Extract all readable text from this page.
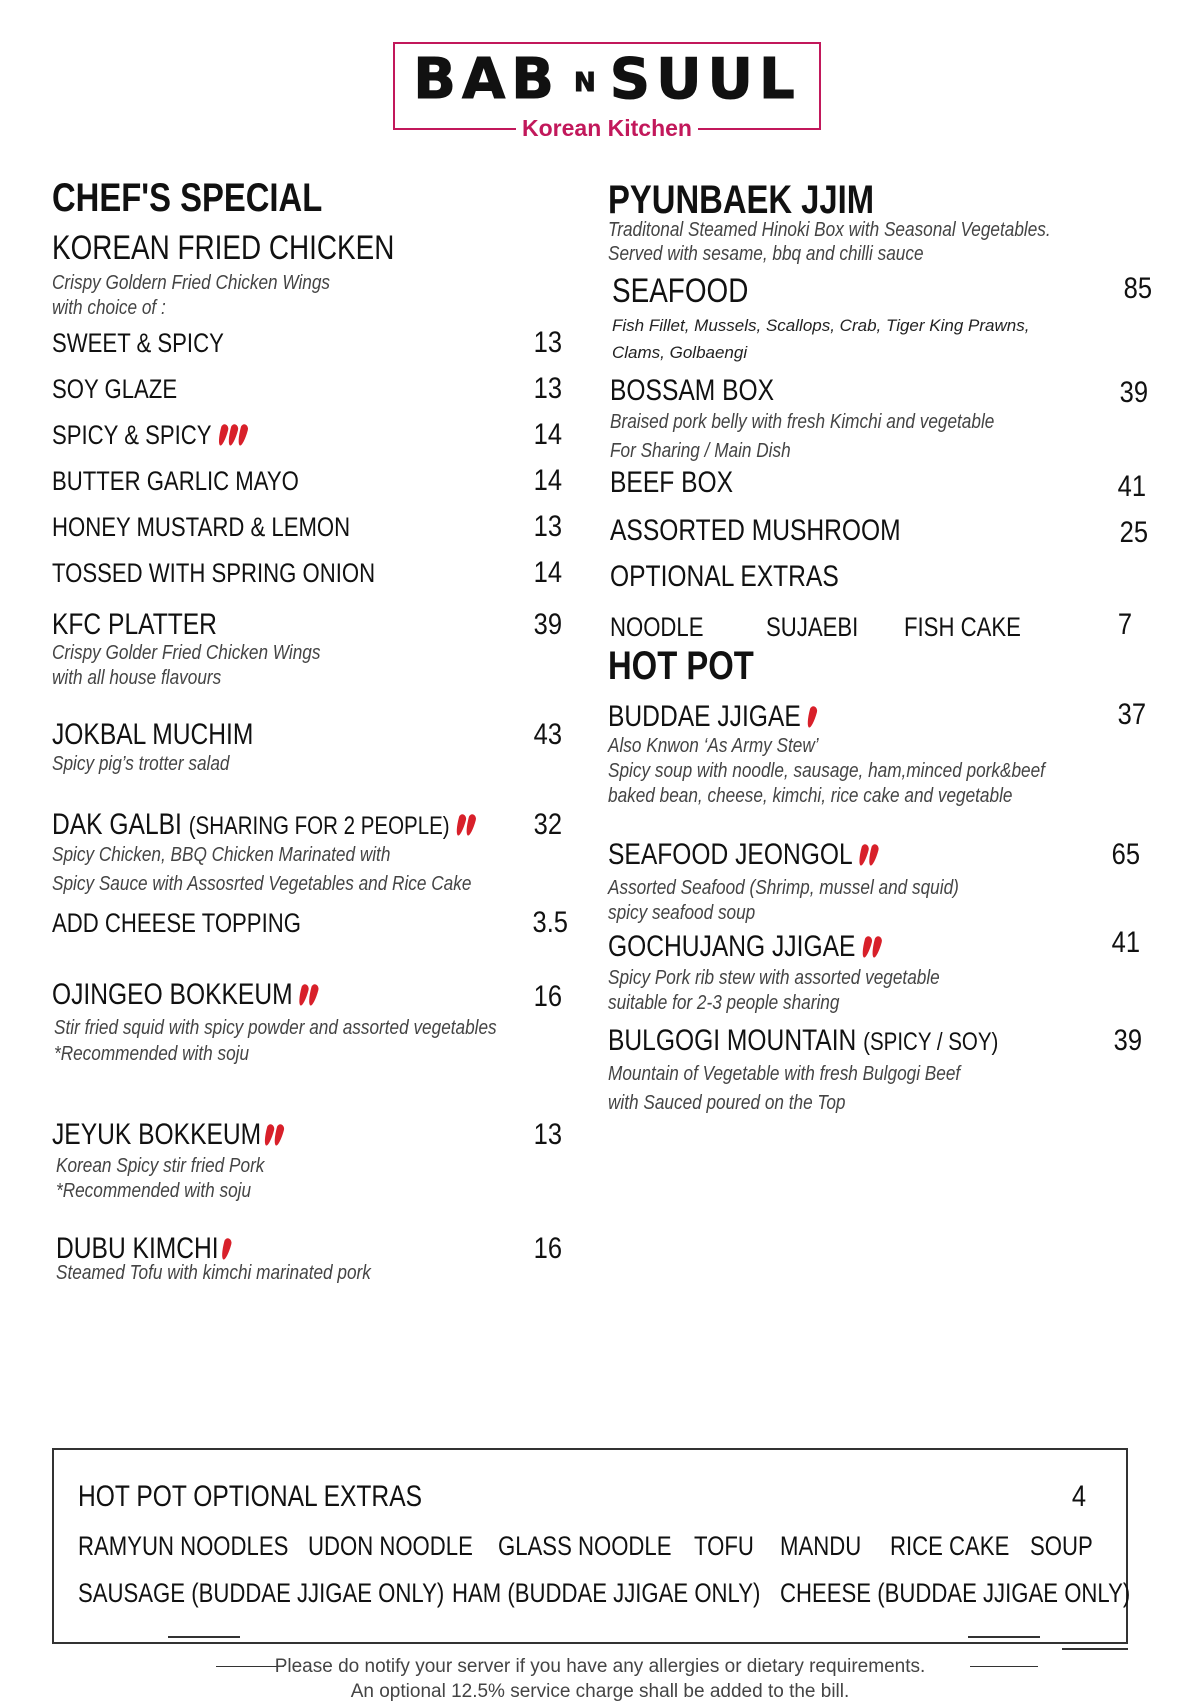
BAB N SUUL
Korean Kitchen
CHEF'S SPECIAL
KOREAN FRIED CHICKEN
Crispy Goldern Fried Chicken Wings
with choice of :
SWEET & SPICY	13
SOY GLAZE	13
SPICY & SPICY	14
BUTTER GARLIC MAYO	14
HONEY MUSTARD & LEMON	13
TOSSED WITH SPRING ONION	14
KFC PLATTER	39
Crispy Golder Fried Chicken Wings
with all house flavours
JOKBAL MUCHIM	43
Spicy pig’s trotter salad
DAK GALBI (SHARING FOR 2 PEOPLE)	32
Spicy Chicken, BBQ Chicken Marinated with
Spicy Sauce with Assosrted Vegetables and Rice Cake
ADD CHEESE TOPPING	3.5
OJINGEO BOKKEUM	16
Stir fried squid with spicy powder and assorted vegetables
*Recommended with soju
JEYUK BOKKEUM	13
Korean Spicy stir fried Pork
*Recommended with soju
DUBU KIMCHI	16
Steamed Tofu with kimchi marinated pork
PYUNBAEK JJIM
Traditonal Steamed Hinoki Box with Seasonal Vegetables.
Served with sesame, bbq and chilli sauce
SEAFOOD	85
Fish Fillet, Mussels, Scallops, Crab, Tiger King Prawns,
Clams, Golbaengi
BOSSAM BOX	39
Braised pork belly with fresh Kimchi and vegetable
For Sharing / Main Dish
BEEF BOX	41
ASSORTED MUSHROOM	25
OPTIONAL EXTRAS
NOODLE SUJAEBI FISH CAKE	7
HOT POT
BUDDAE JJIGAE	37
Also Knwon ‘As Army Stew’
Spicy soup with noodle, sausage, ham,minced pork&beef
baked bean, cheese, kimchi, rice cake and vegetable
SEAFOOD JEONGOL	65
Assorted Seafood (Shrimp, mussel and squid)
spicy seafood soup
GOCHUJANG JJIGAE	41
Spicy Pork rib stew with assorted vegetable
suitable for 2-3 people sharing
BULGOGI MOUNTAIN (SPICY / SOY)	39
Mountain of Vegetable with fresh Bulgogi Beef
with Sauced poured on the Top
HOT POT OPTIONAL EXTRAS	4
RAMYUN NOODLES UDON NOODLE GLASS NOODLE TOFU MANDU RICE CAKE SOUP
SAUSAGE (BUDDAE JJIGAE ONLY) HAM (BUDDAE JJIGAE ONLY) CHEESE (BUDDAE JJIGAE ONLY)
Please do notify your server if you have any allergies or dietary requirements.
An optional 12.5% service charge shall be added to the bill.
